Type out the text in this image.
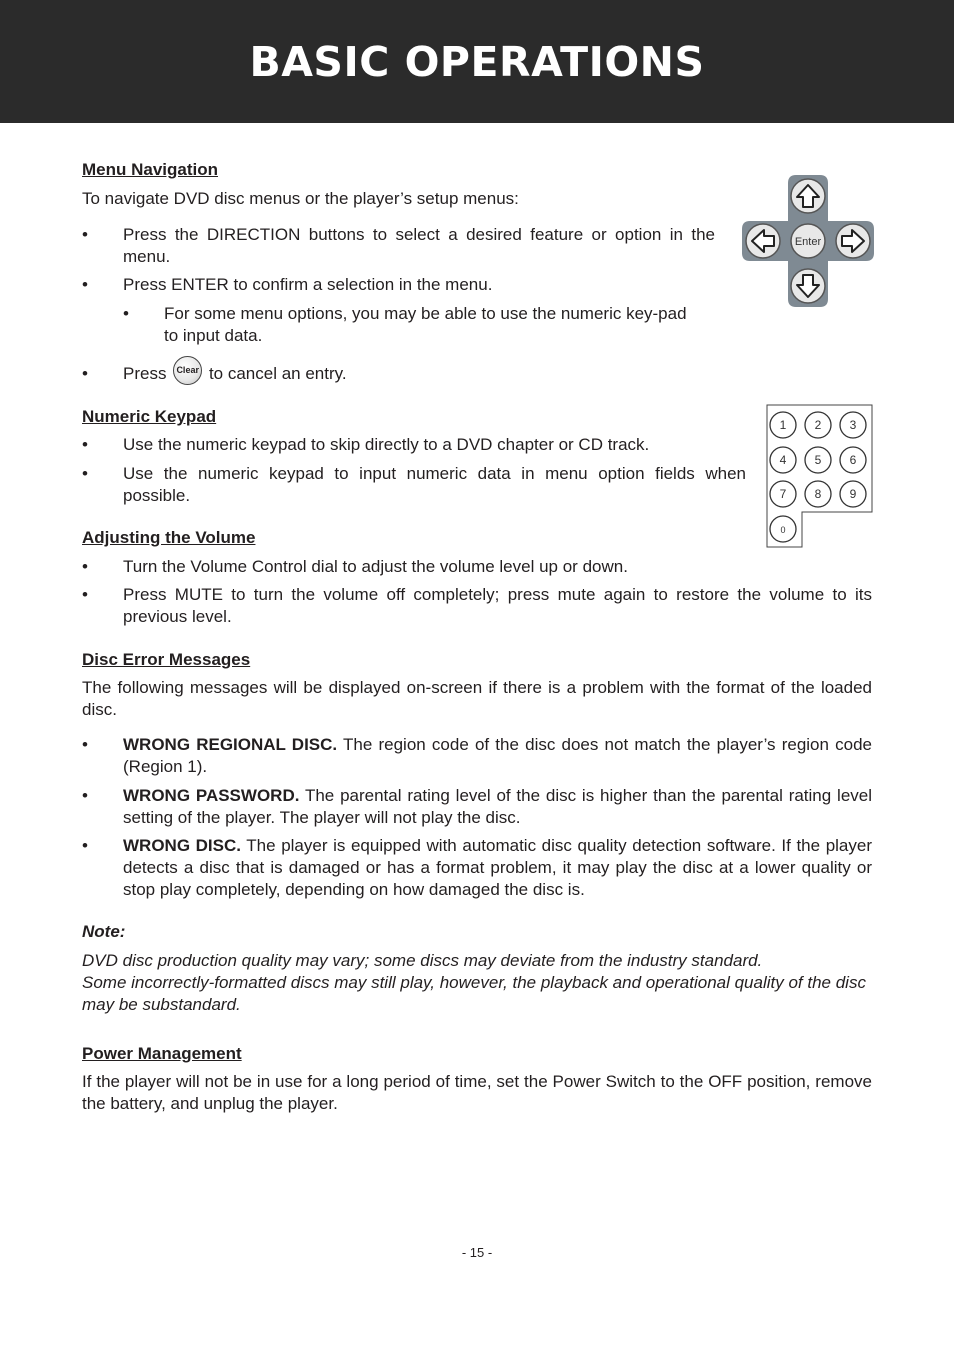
BASIC OPERATIONS
Menu Navigation
To navigate DVD disc menus or the player’s setup menus:
• Press the DIRECTION buttons to select a desired feature or option in the menu.
• Press ENTER to confirm a selection in the menu.
• For some menu options, you may be able to use the numeric key-pad to input data.
• Press Clear to cancel an entry.
Enter
Numeric Keypad
• Use the numeric keypad to skip directly to a DVD chapter or CD track.
• Use the numeric keypad to input numeric data in menu option fields when possible.
1 2 3
4 5 6
7 8 9
0
Adjusting the Volume
• Turn the Volume Control dial to adjust the volume level up or down.
• Press MUTE to turn the volume off completely; press mute again to restore the volume to its previous level.
Disc Error Messages
The following messages will be displayed on-screen if there is a problem with the format of the loaded disc.
• WRONG REGIONAL DISC. The region code of the disc does not match the player’s region code (Region 1).
• WRONG PASSWORD. The parental rating level of the disc is higher than the parental rating level setting of the player. The player will not play the disc.
• WRONG DISC. The player is equipped with automatic disc quality detection software. If the player detects a disc that is damaged or has a format problem, it may play the disc at a lower quality or stop play completely, depending on how damaged the disc is.
Note:
DVD disc production quality may vary; some discs may deviate from the industry standard.
Some incorrectly-formatted discs may still play, however, the playback and operational quality of the disc may be substandard.
Power Management
If the player will not be in use for a long period of time, set the Power Switch to the OFF position, remove the battery, and unplug the player.
- 15 -
